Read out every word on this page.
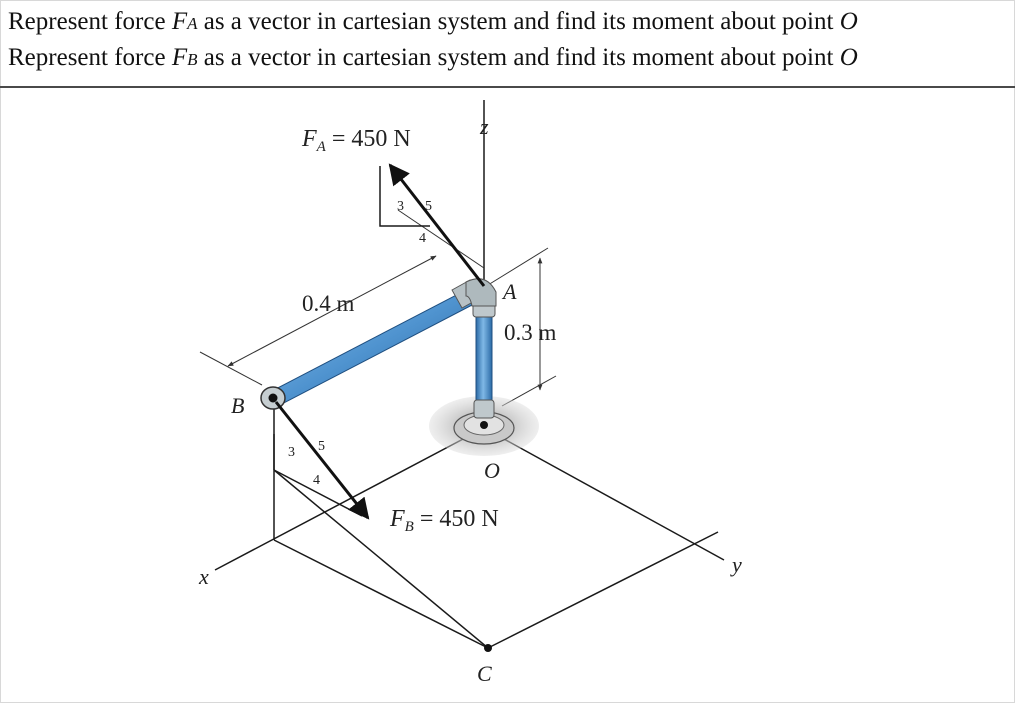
Represent force FA as a vector in cartesian system and find its moment about point O
Represent force FB as a vector in cartesian system and find its moment about point O
3 5
4
3 5
4
$F_A = 450$ N
$F_B = 450$ N
0.4 m
0.3 m
A
B
O
C
x	y
z
